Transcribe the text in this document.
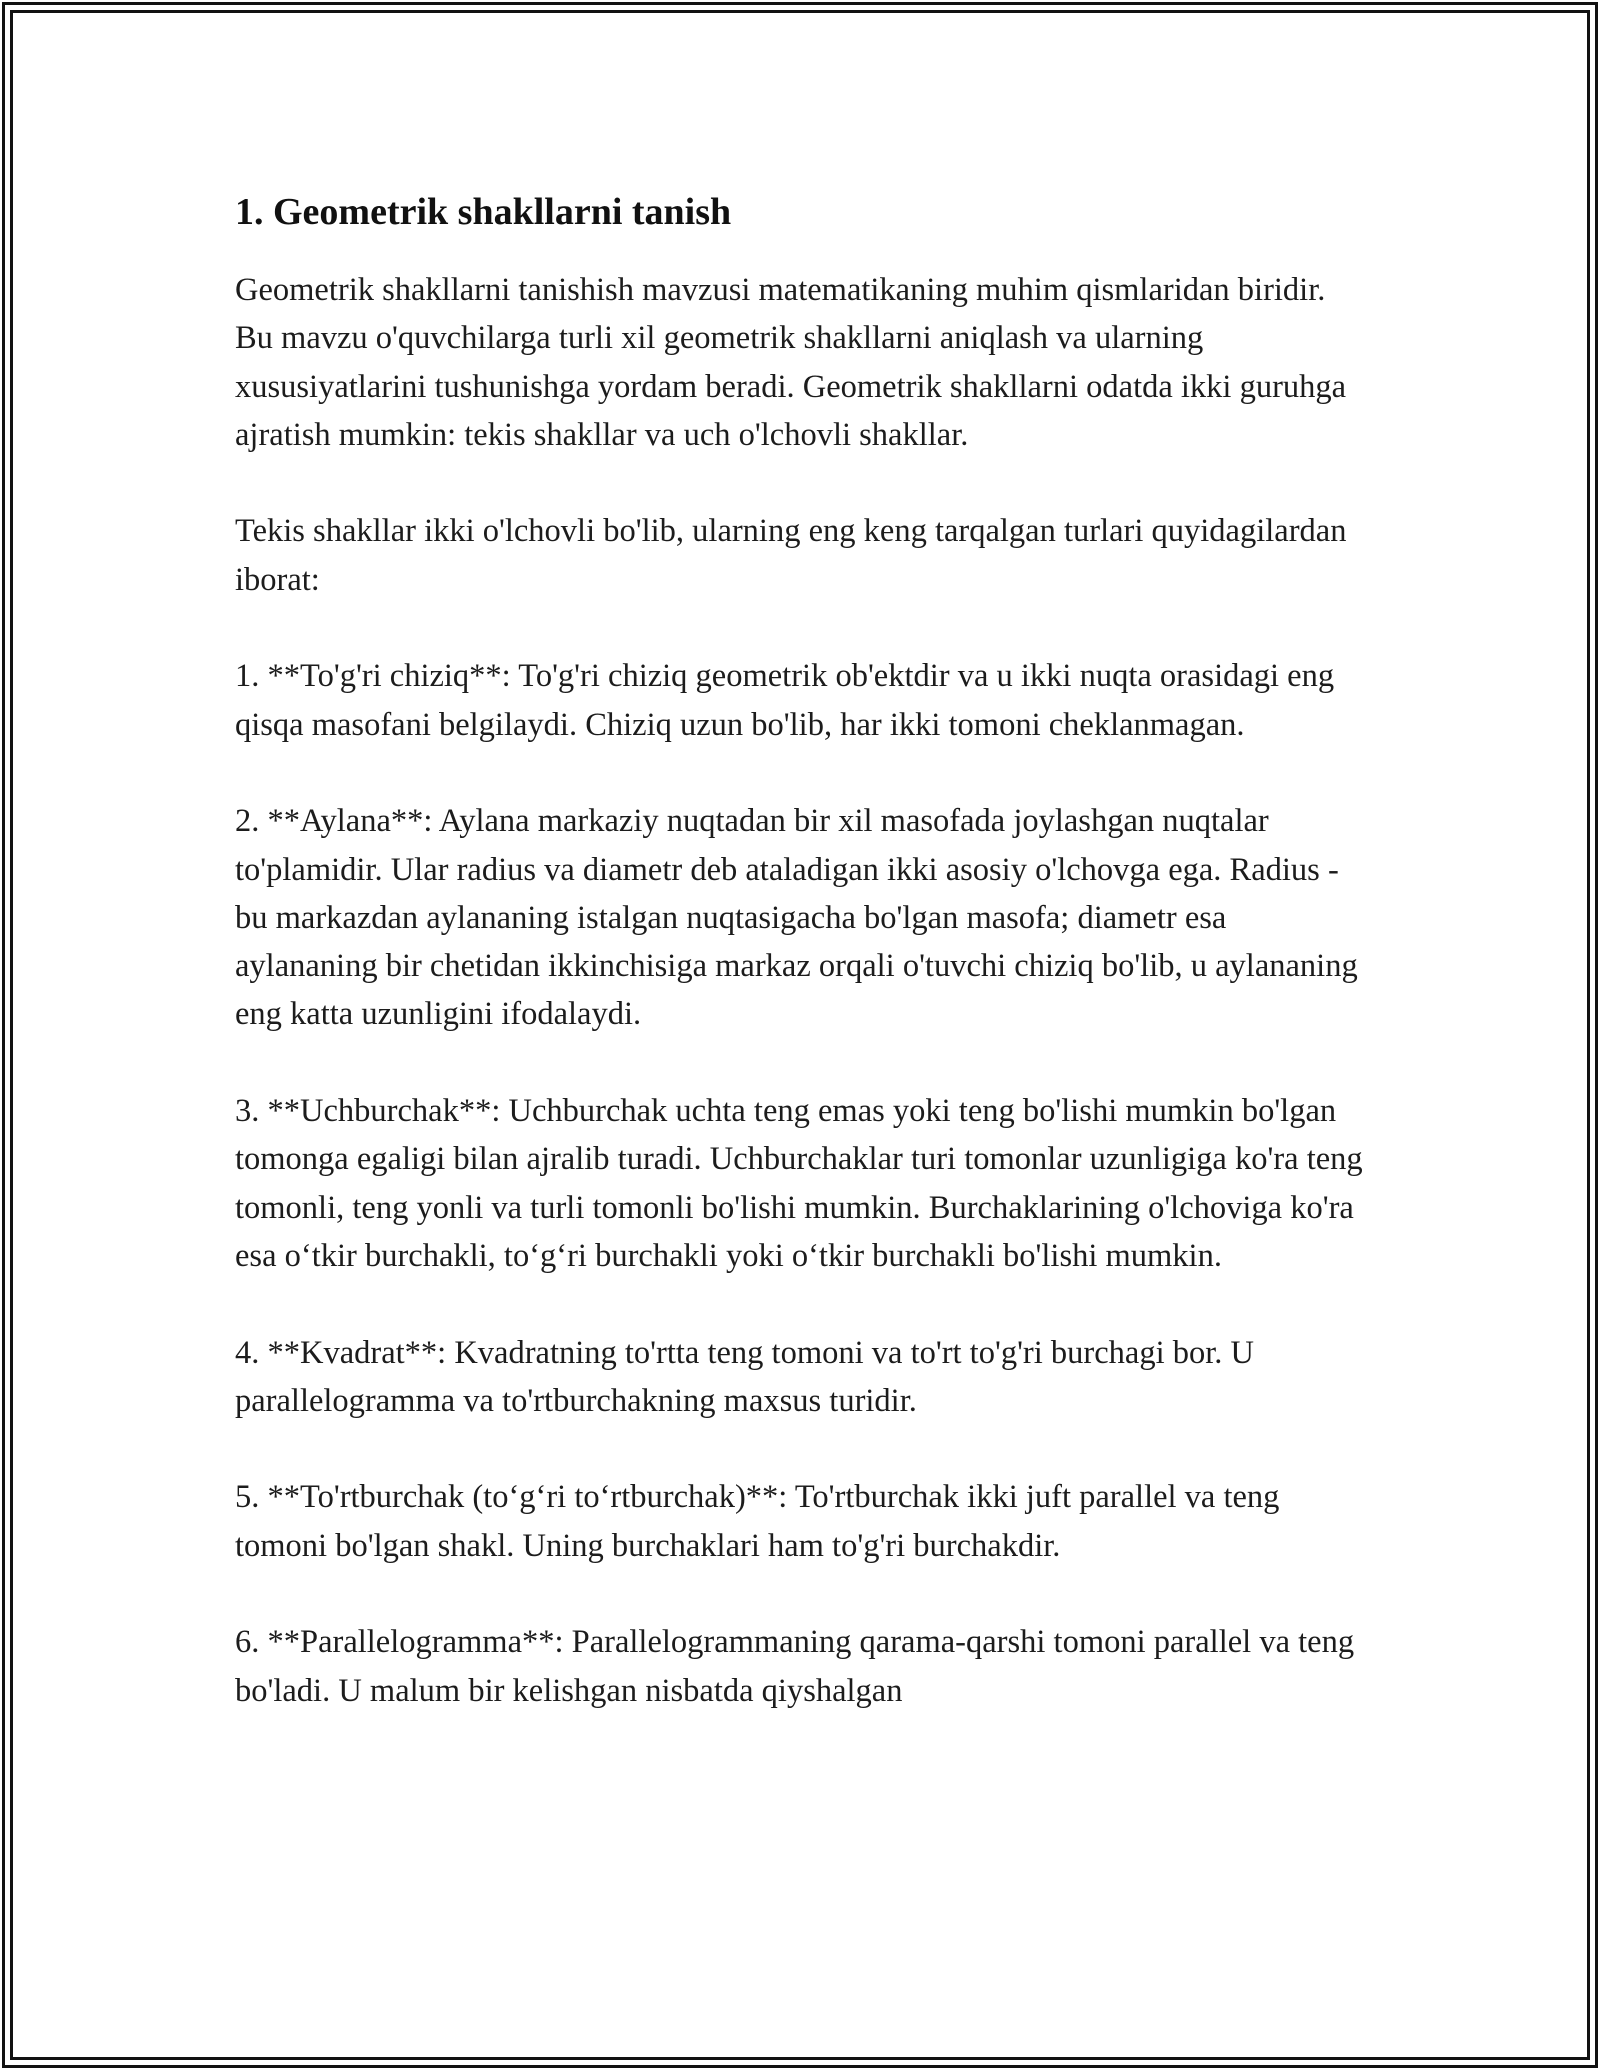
1. Geometrik shakllarni tanish

Geometrik shakllarni tanishish mavzusi matematikaning muhim qismlaridan biridir. Bu mavzu o'quvchilarga turli xil geometrik shakllarni aniqlash va ularning xususiyatlarini tushunishga yordam beradi. Geometrik shakllarni odatda ikki guruhga ajratish mumkin: tekis shakllar va uch o'lchovli shakllar.

Tekis shakllar ikki o'lchovli bo'lib, ularning eng keng tarqalgan turlari quyidagilardan iborat:

1. **To'g'ri chiziq**: To'g'ri chiziq geometrik ob'ektdir va u ikki nuqta orasidagi eng qisqa masofani belgilaydi. Chiziq uzun bo'lib, har ikki tomoni cheklanmagan.

2. **Aylana**: Aylana markaziy nuqtadan bir xil masofada joylashgan nuqtalar to'plamidir. Ular radius va diametr deb ataladigan ikki asosiy o'lchovga ega. Radius - bu markazdan aylananing istalgan nuqtasigacha bo'lgan masofa; diametr esa aylananing bir chetidan ikkinchisiga markaz orqali o'tuvchi chiziq bo'lib, u aylananing eng katta uzunligini ifodalaydi.

3. **Uchburchak**: Uchburchak uchta teng emas yoki teng bo'lishi mumkin bo'lgan tomonga egaligi bilan ajralib turadi. Uchburchaklar turi tomonlar uzunligiga ko'ra teng tomonli, teng yonli va turli tomonli bo'lishi mumkin. Burchaklarining o'lchoviga ko'ra esa o‘tkir burchakli, to‘g‘ri burchakli yoki o‘tkir burchakli bo'lishi mumkin.

4. **Kvadrat**: Kvadratning to'rtta teng tomoni va to'rt to'g'ri burchagi bor. U parallelogramma va to'rtburchakning maxsus turidir.

5. **To'rtburchak (to‘g‘ri to‘rtburchak)**: To'rtburchak ikki juft parallel va teng tomoni bo'lgan shakl. Uning burchaklari ham to'g'ri burchakdir.

6. **Parallelogramma**: Parallelogrammaning qarama-qarshi tomoni parallel va teng bo'ladi. U malum bir kelishgan nisbatda qiyshalgan
